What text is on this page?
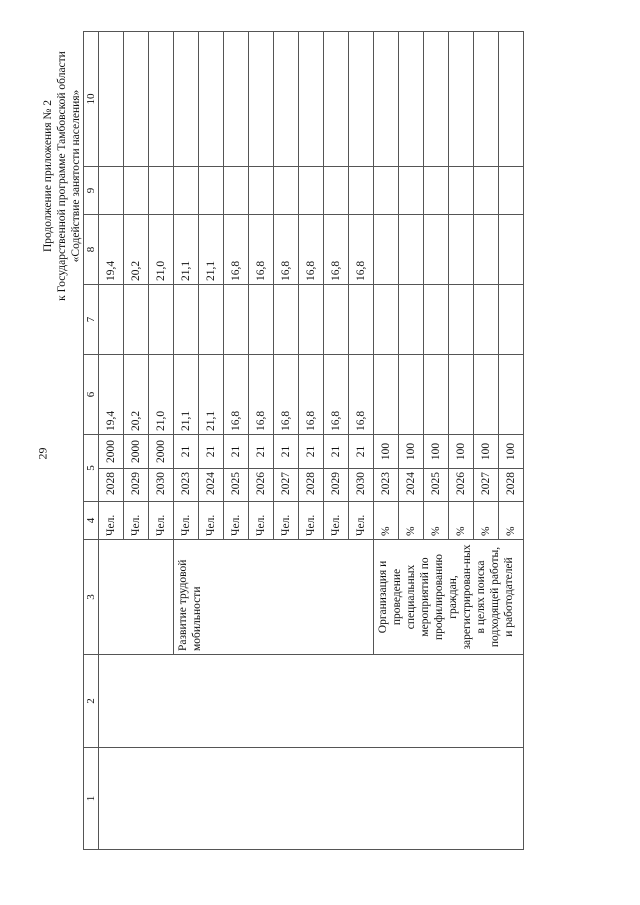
29
Продолжение приложения № 2 к Государственной программе Тамбовской области «Содействие занятости населения»
1	2	3	4	5		6	7	8	9	10
			Чел.	2028	2000	19,4		19,4		
			Чел.	2029	2000	20,2		20,2		
			Чел.	2030	2000	21,0		21,0		
		Развитие трудовой мобильности	Чел.	2023	21	21,1		21,1		
			Чел.	2024	21	21,1		21,1		
			Чел.	2025	21	16,8		16,8		
			Чел.	2026	21	16,8		16,8		
			Чел.	2027	21	16,8		16,8		
			Чел.	2028	21	16,8		16,8		
			Чел.	2029	21	16,8		16,8		
			Чел.	2030	21	16,8		16,8		
		Организация и проведение специальных мероприятий по профилированию граждан, зарегистрирован-ных в целях поиска подходящей работы, и работодателей	%	2023	100					
			%	2024	100					
			%	2025	100					
			%	2026	100					
			%	2027	100					
			%	2028	100					
